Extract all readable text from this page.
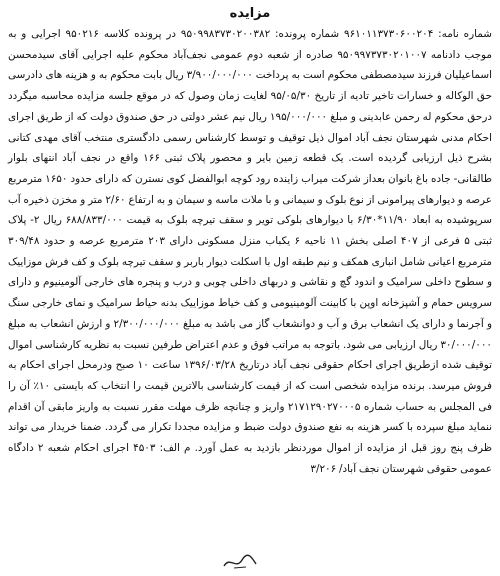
مزایده

شماره نامه: ۹۶۱۰۱۱۳۷۳۰۶۰۰۲۰۴ شماره پرونده: ۹۵۰۹۹۸۳۷۳۰۲۰۰۳۸۲ در پرونده کلاسه ۹۵۰۲۱۶ اجرایی و به موجب دادنامه ۹۵۰۹۹۷۳۷۳۰۲۰۱۰۰۷ صادره از شعبه دوم عمومی نجف‌آباد محکوم علیه اجرایی آقای سیدمحسن اسماعیلیان فرزند سیدمصطفی محکوم است به پرداخت ۳/۹۰۰/۰۰۰/۰۰۰ ریال بابت محکوم به و هزینه های دادرسی حق الوکاله و خسارات تاخیر تادیه از تاریخ ۹۵/۰۵/۳۰ لغایت زمان وصول که در موقع جلسه مزایده محاسبه میگردد درحق محکوم له رحمن عابدینی و مبلغ ۱۹۵/۰۰۰/۰۰۰ ریال نیم عشر دولتی در حق صندوق دولت که از طریق اجرای احکام مدنی شهرستان نجف آباد اموال ذیل توقیف و توسط کارشناس رسمی دادگستری منتخب آقای مهدی کتانی بشرح ذیل ارزیابی گردیده است. یک قطعه زمین بایر و محصور پلاک ثبتی ۱۶۶ واقع در نجف آباد انتهای بلوار طالقانی- جاده باغ بانوان بعداز شرکت میراب زاینده رود کوچه ابوالفضل کوی نسترن که دارای حدود ۱۶۵۰ مترمربع عرصه و دیوارهای پیرامونی از نوع بلوک و سیمانی و با ملات ماسه و سیمان و به ارتفاع ۲/۶۰ متر و مخزن ذخیره آب سرپوشیده به ابعاد ۱۱/۹۰*۶/۳۰ با دیوارهای بلوکی تویر و سقف تیرچه بلوک به قیمت ۶۸۸/۸۳۳/۰۰۰ ریال ۲- پلاک ثبتی ۵ فرعی از ۴۰۷ اصلی بخش ۱۱ ناحیه ۶ یکباب منزل مسکونی دارای ۲۰۳ مترمربع عرصه و حدود ۳۰۹/۴۸ مترمربع اعیانی شامل انباری همکف و نیم طبقه اول با اسکلت دیوار باربر و سقف تیرچه بلوک و کف فرش موزاییک و سطوح داخلی سرامیک و اندود گچ و نقاشی و دربهای داخلی چوبی و درب و پنجره های خارجی آلومینیوم و دارای سرویس حمام و آشپزخانه اوپن با کابینت آلومینیومی و کف خیاط موزاییک بدنه حیاط سرامیک و نمای خارجی سنگ و آجرنما و دارای یک انشعاب برق و آب و دوانشعاب گاز می باشد به مبلغ ۲/۳۰۰/۰۰۰/۰۰۰ و ارزش انشعاب به مبلغ ۳۰/۰۰۰/۰۰۰ ریال ارزیابی می شود. باتوجه به مراتب فوق و عدم اعتراض طرفین نسبت به نظریه کارشناسی اموال توقیف شده ازطریق اجرای احکام حقوقی نجف آباد درتاریخ ۱۳۹۶/۰۳/۲۸ ساعت ۱۰ صبح ودرمحل اجرای احکام به فروش میرسد. برنده مزایده شخصی است که از قیمت کارشناسی بالاترین قیمت را انتخاب که بایستی ۱۰٪ آن را فی المجلس به حساب شماره ۲۱۷۱۲۹۰۲۷۰۰۰۵ واریز و چنانچه ظرف مهلت مقرر نسبت به واریز مابقی آن اقدام ننماید مبلغ سپرده با کسر هزینه به نفع صندوق دولت ضبط و مزایده مجددا تکرار می گردد. ضمنا خریدار می تواند ظرف پنج روز قبل از مزایده از اموال موردنظر بازدید به عمل آورد. م الف: ۴۵۰۳ اجرای احکام شعبه ۲ دادگاه عمومی حقوقی شهرستان نجف آباد/ ۳/۲۰۶
